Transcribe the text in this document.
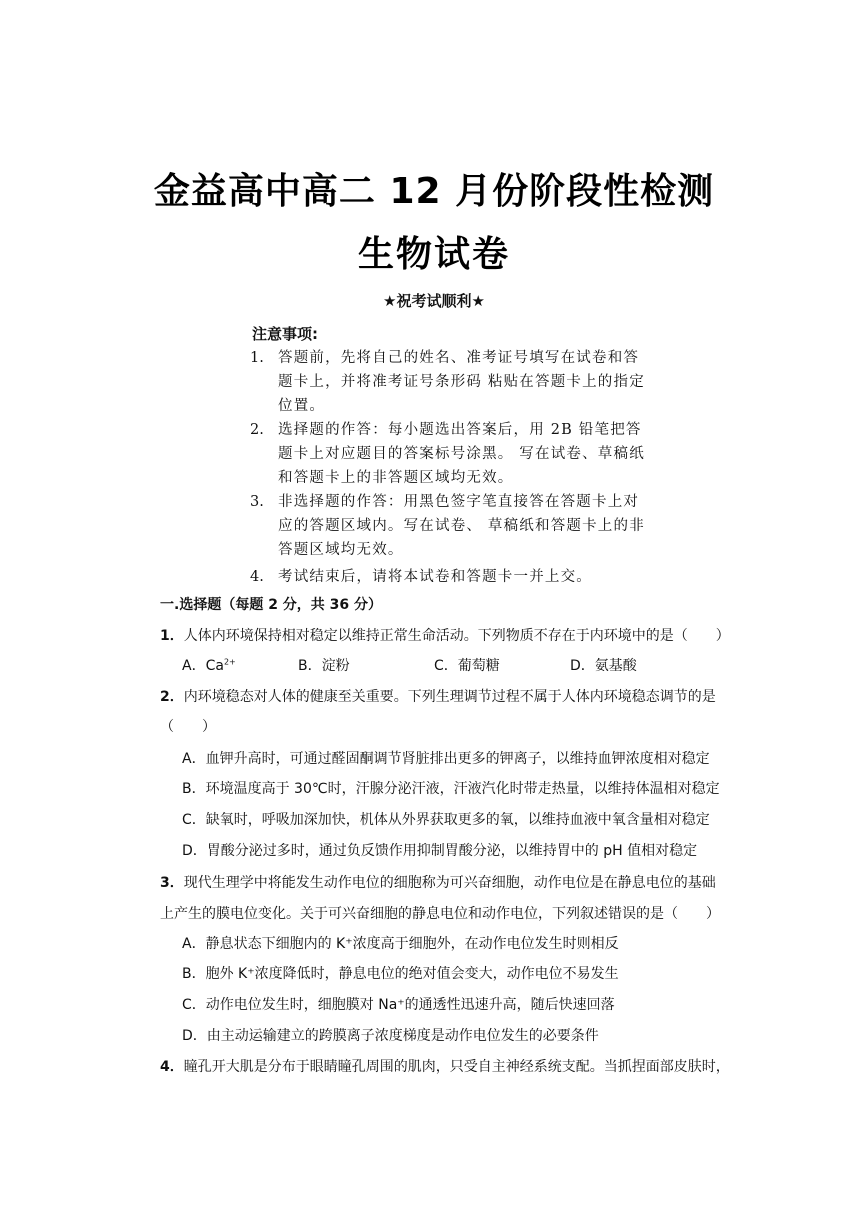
金益高中高二 12 月份阶段性检测
生物试卷
★祝考试顺利★
注意事项:
1. 答题前，先将自己的姓名、准考证号填写在试卷和答题卡上，并将准考证号条形码 粘贴在答题卡上的指定位置。
2. 选择题的作答：每小题选出答案后，用 2B 铅笔把答题卡上对应题目的答案标号涂黑。 写在试卷、草稿纸和答题卡上的非答题区域均无效。
3. 非选择题的作答：用黑色签字笔直接答在答题卡上对应的答题区域内。写在试卷、 草稿纸和答题卡上的非答题区域均无效。
4. 考试结束后，请将本试卷和答题卡一并上交。
一.选择题（每题 2 分，共 36 分）
1．人体内环境保持相对稳定以维持正常生命活动。下列物质不存在于内环境中的是（　　）
A．$Ca^{2+}$	B．淀粉	C．葡萄糖	D．氨基酸
2．内环境稳态对人体的健康至关重要。下列生理调节过程不属于人体内环境稳态调节的是
（　　）
A．血钾升高时，可通过醛固酮调节肾脏排出更多的钾离子，以维持血钾浓度相对稳定
B．环境温度高于 30℃时，汗腺分泌汗液，汗液汽化时带走热量，以维持体温相对稳定
C．缺氧时，呼吸加深加快，机体从外界获取更多的氧，以维持血液中氧含量相对稳定
D．胃酸分泌过多时，通过负反馈作用抑制胃酸分泌，以维持胃中的 pH 值相对稳定
3．现代生理学中将能发生动作电位的细胞称为可兴奋细胞，动作电位是在静息电位的基础
上产生的膜电位变化。关于可兴奋细胞的静息电位和动作电位，下列叙述错误的是（　　）
A．静息状态下细胞内的 K⁺浓度高于细胞外，在动作电位发生时则相反
B．胞外 K⁺浓度降低时，静息电位的绝对值会变大，动作电位不易发生
C．动作电位发生时，细胞膜对 Na⁺的通透性迅速升高，随后快速回落
D．由主动运输建立的跨膜离子浓度梯度是动作电位发生的必要条件
4．瞳孔开大肌是分布于眼睛瞳孔周围的肌肉，只受自主神经系统支配。当抓捏面部皮肤时，
